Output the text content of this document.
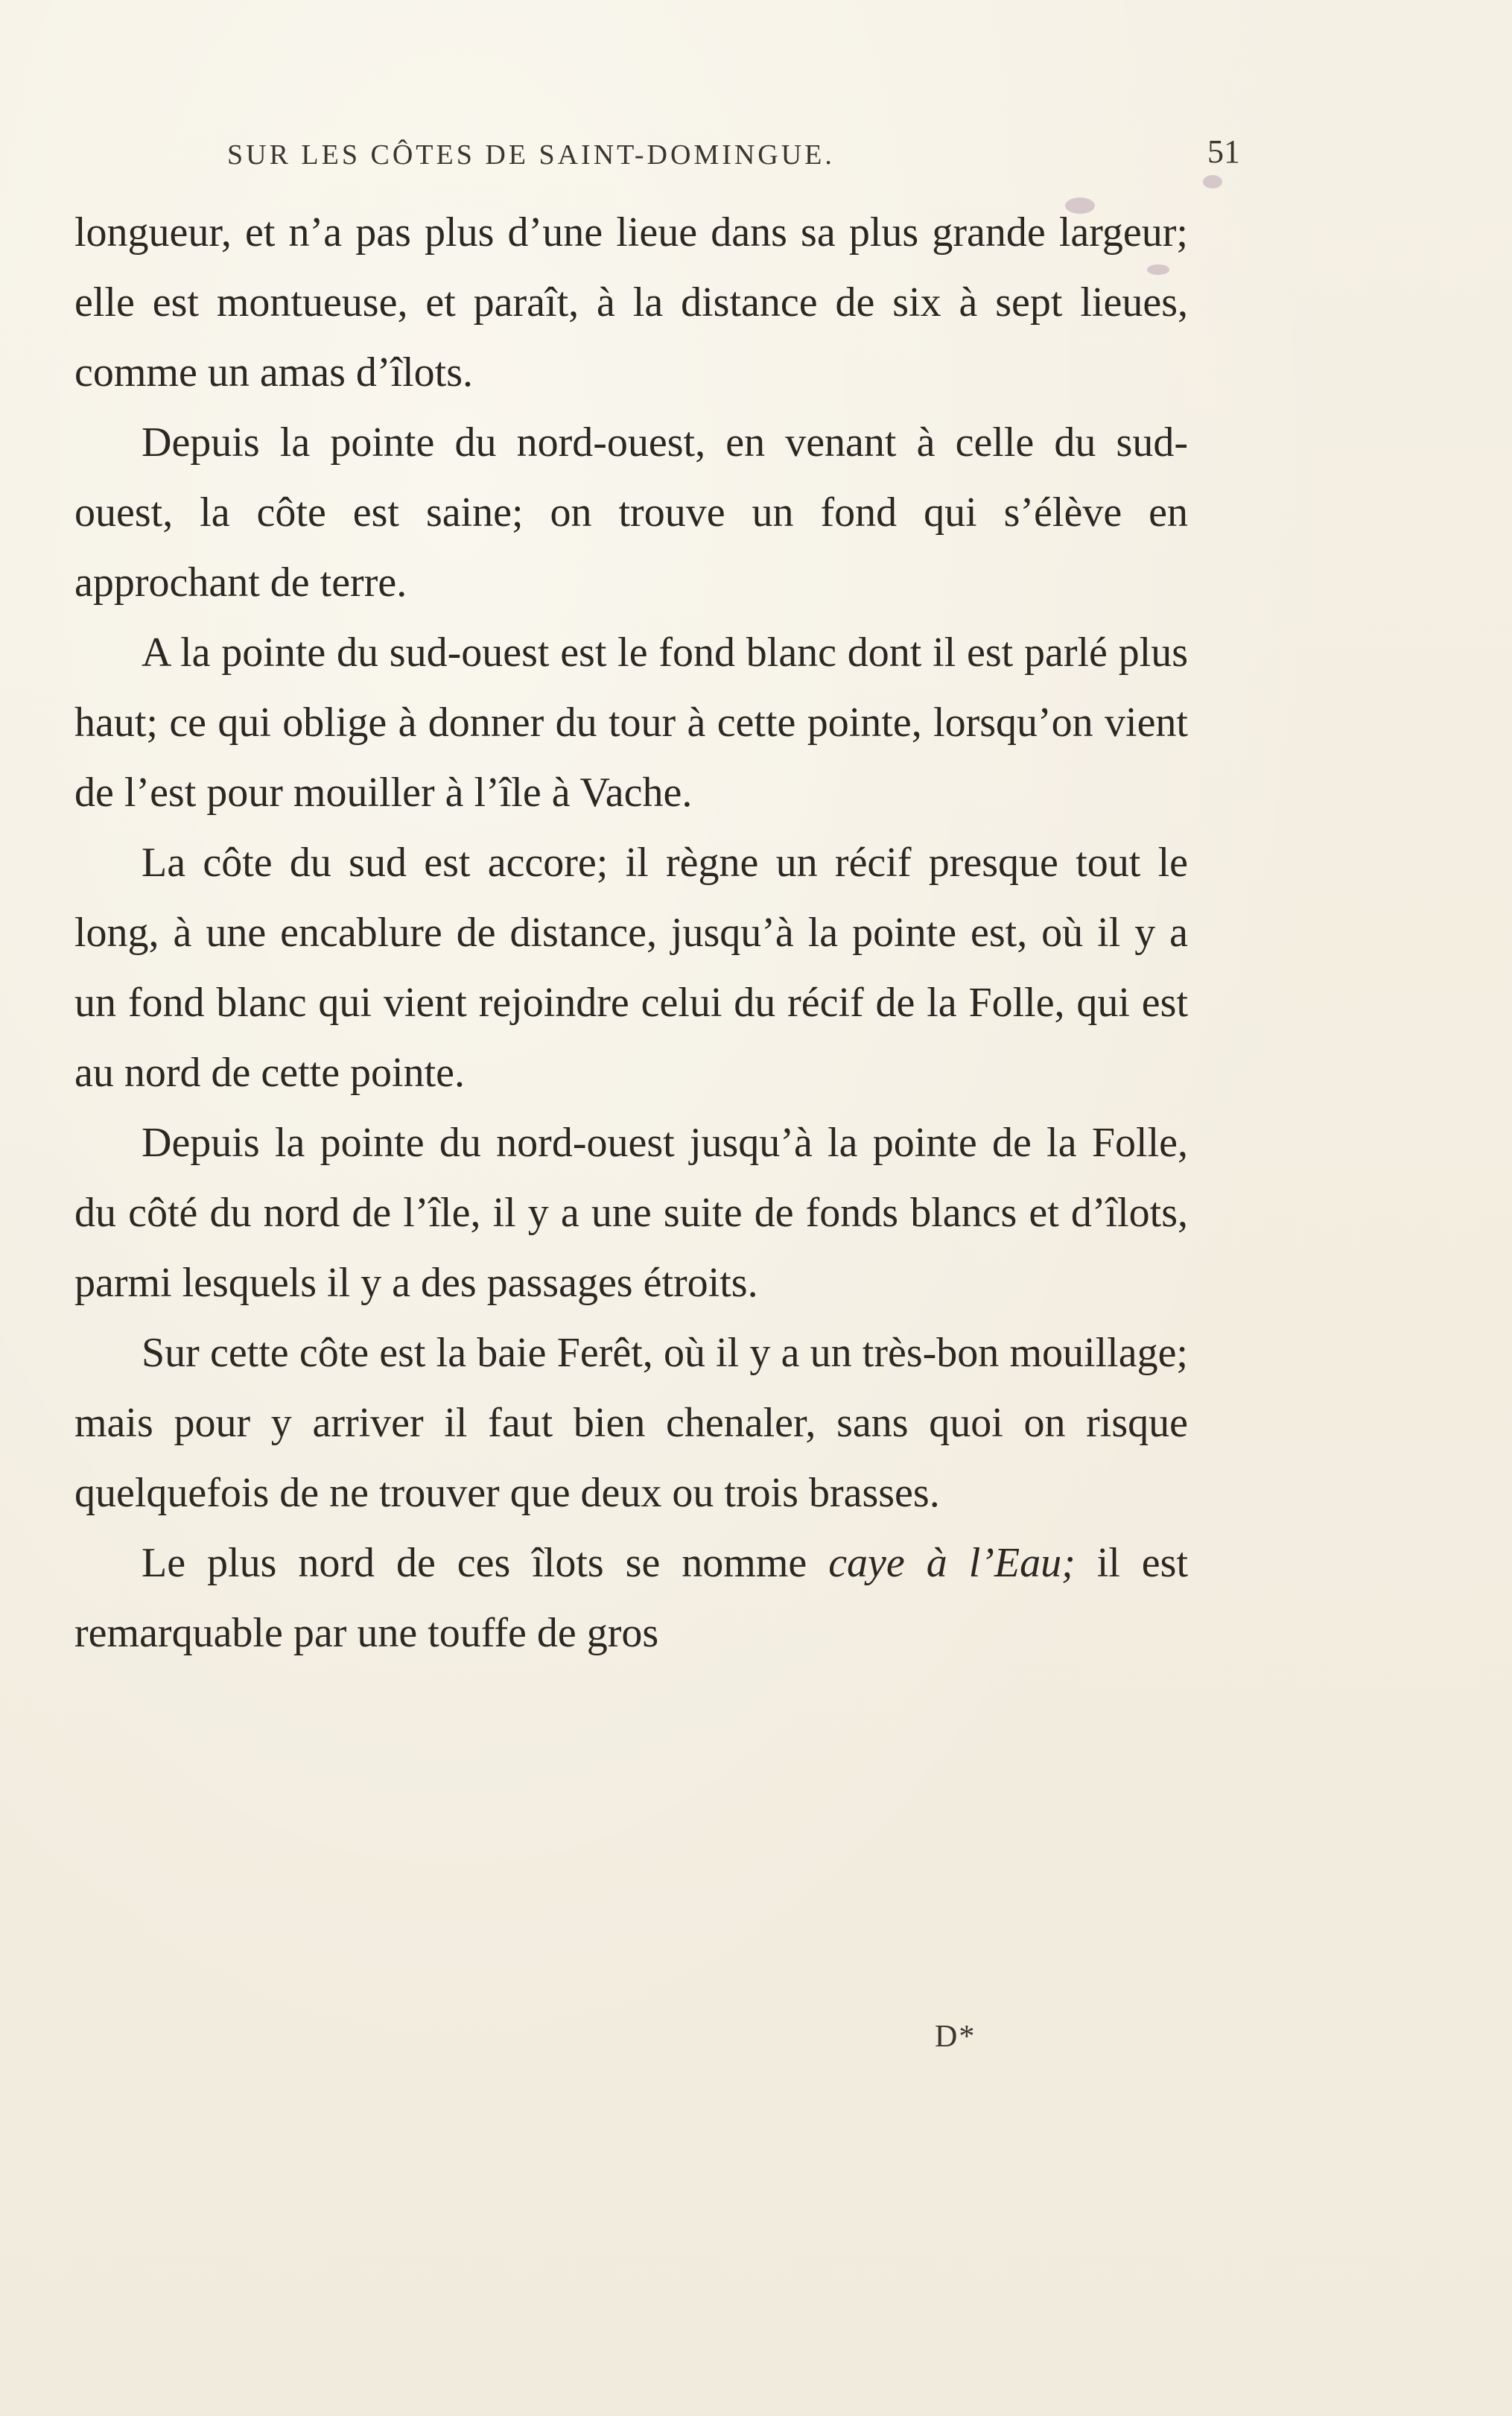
SUR LES CÔTES DE SAINT-DOMINGUE.	51

longueur, et n’a pas plus d’une lieue dans sa plus grande largeur; elle est montueuse, et paraît, à la distance de six à sept lieues, comme un amas d’îlots.

Depuis la pointe du nord-ouest, en venant à celle du sud-ouest, la côte est saine; on trouve un fond qui s’élève en approchant de terre.

A la pointe du sud-ouest est le fond blanc dont il est parlé plus haut; ce qui oblige à donner du tour à cette pointe, lorsqu’on vient de l’est pour mouiller à l’île à Vache.

La côte du sud est accore; il règne un récif presque tout le long, à une encablure de distance, jusqu’à la pointe est, où il y a un fond blanc qui vient rejoindre celui du récif de la Folle, qui est au nord de cette pointe.

Depuis la pointe du nord-ouest jusqu’à la pointe de la Folle, du côté du nord de l’île, il y a une suite de fonds blancs et d’îlots, parmi lesquels il y a des passages étroits.

Sur cette côte est la baie Ferêt, où il y a un très-bon mouillage; mais pour y arriver il faut bien chenaler, sans quoi on risque quelquefois de ne trouver que deux ou trois brasses.

Le plus nord de ces îlots se nomme caye à l’Eau; il est remarquable par une touffe de gros

D*
